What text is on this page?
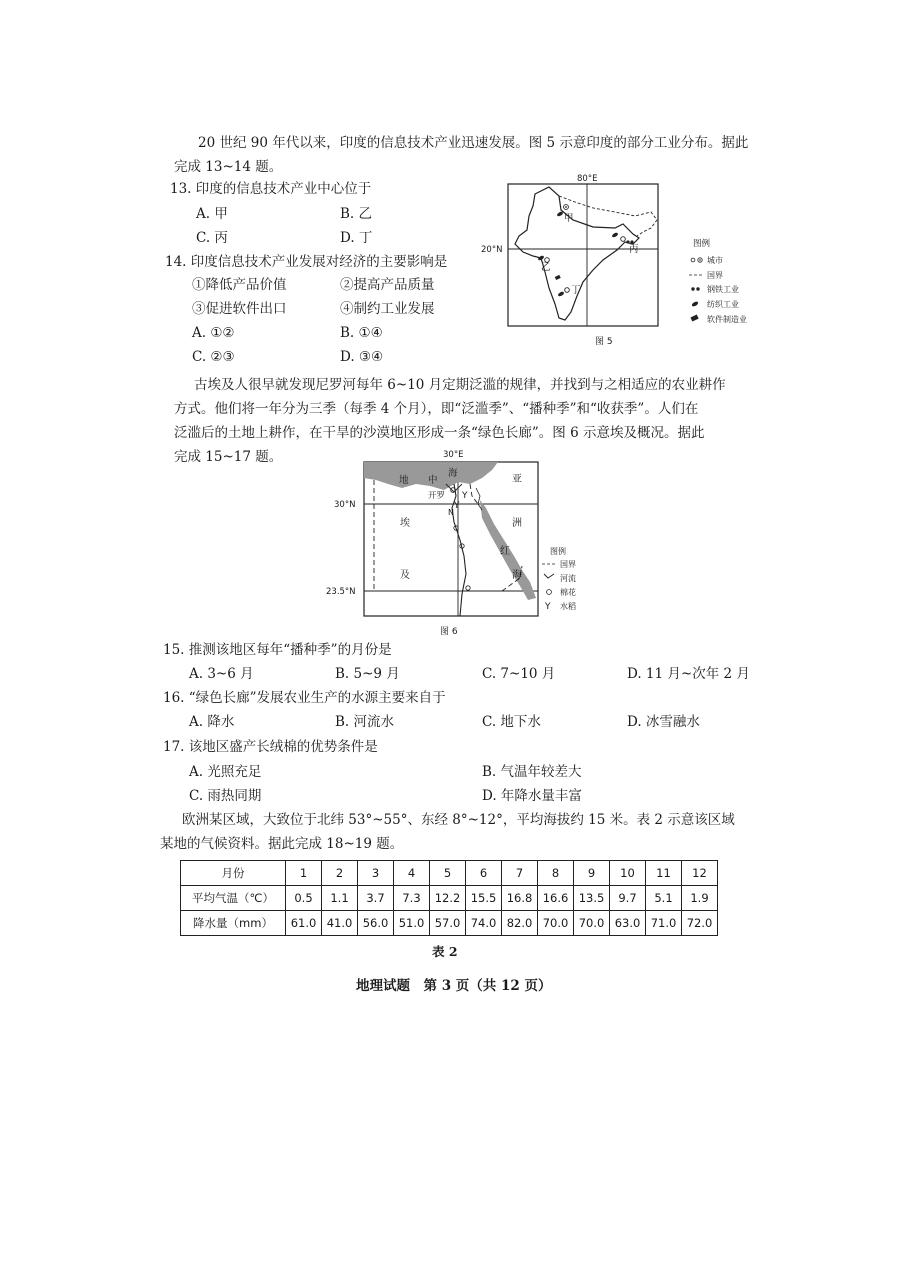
20 世纪 90 年代以来，印度的信息技术产业迅速发展。图 5 示意印度的部分工业分布。据此
完成 13~14 题。
13. 印度的信息技术产业中心位于
A. 甲	B. 乙
C. 丙	D. 丁
14. 印度信息技术产业发展对经济的主要影响是
①降低产品价值	②提高产品质量
③促进软件出口	④制约工业发展
A. ①②	B. ①④
C. ②③	D. ③④
80°E
20°N
甲
乙
丙
丁
图例
城市
国界
钢铁工业
纺织工业
软件制造业
图 5
古埃及人很早就发现尼罗河每年 6~10 月定期泛滥的规律，并找到与之相适应的农业耕作
方式。他们将一年分为三季（每季 4 个月），即“泛滥季”、“播种季”和“收获季”。人们在
泛滥后的土地上耕作，在干旱的沙漠地区形成一条“绿色长廊”。图 6 示意埃及概况。据此
完成 15~17 题。	30°E
30°N
23.5°N
开罗 Y
Y
N
地 中
海
亚
洲
埃
及
红
海
图例
国界
河流
棉花
Y 水稻
图 6
15. 推测该地区每年“播种季”的月份是
A. 3~6 月	B. 5~9 月	C. 7~10 月	D. 11 月~次年 2 月
16. “绿色长廊”发展农业生产的水源主要来自于
A. 降水	B. 河流水	C. 地下水	D. 冰雪融水
17. 该地区盛产长绒棉的优势条件是
A. 光照充足	B. 气温年较差大
C. 雨热同期	D. 年降水量丰富
欧洲某区域，大致位于北纬 53°~55°、东经 8°~12°，平均海拔约 15 米。表 2 示意该区域
某地的气候资料。据此完成 18~19 题。
月份	1	2	3	4	5	6	7	8	9	10	11	12
平均气温（℃）	0.5	1.1	3.7	7.3	12.2	15.5	16.8	16.6	13.5	9.7	5.1	1.9
降水量（mm）	61.0	41.0	56.0	51.0	57.0	74.0	82.0	70.0	70.0	63.0	71.0	72.0
表 2
地理试题　第 3 页（共 12 页）
